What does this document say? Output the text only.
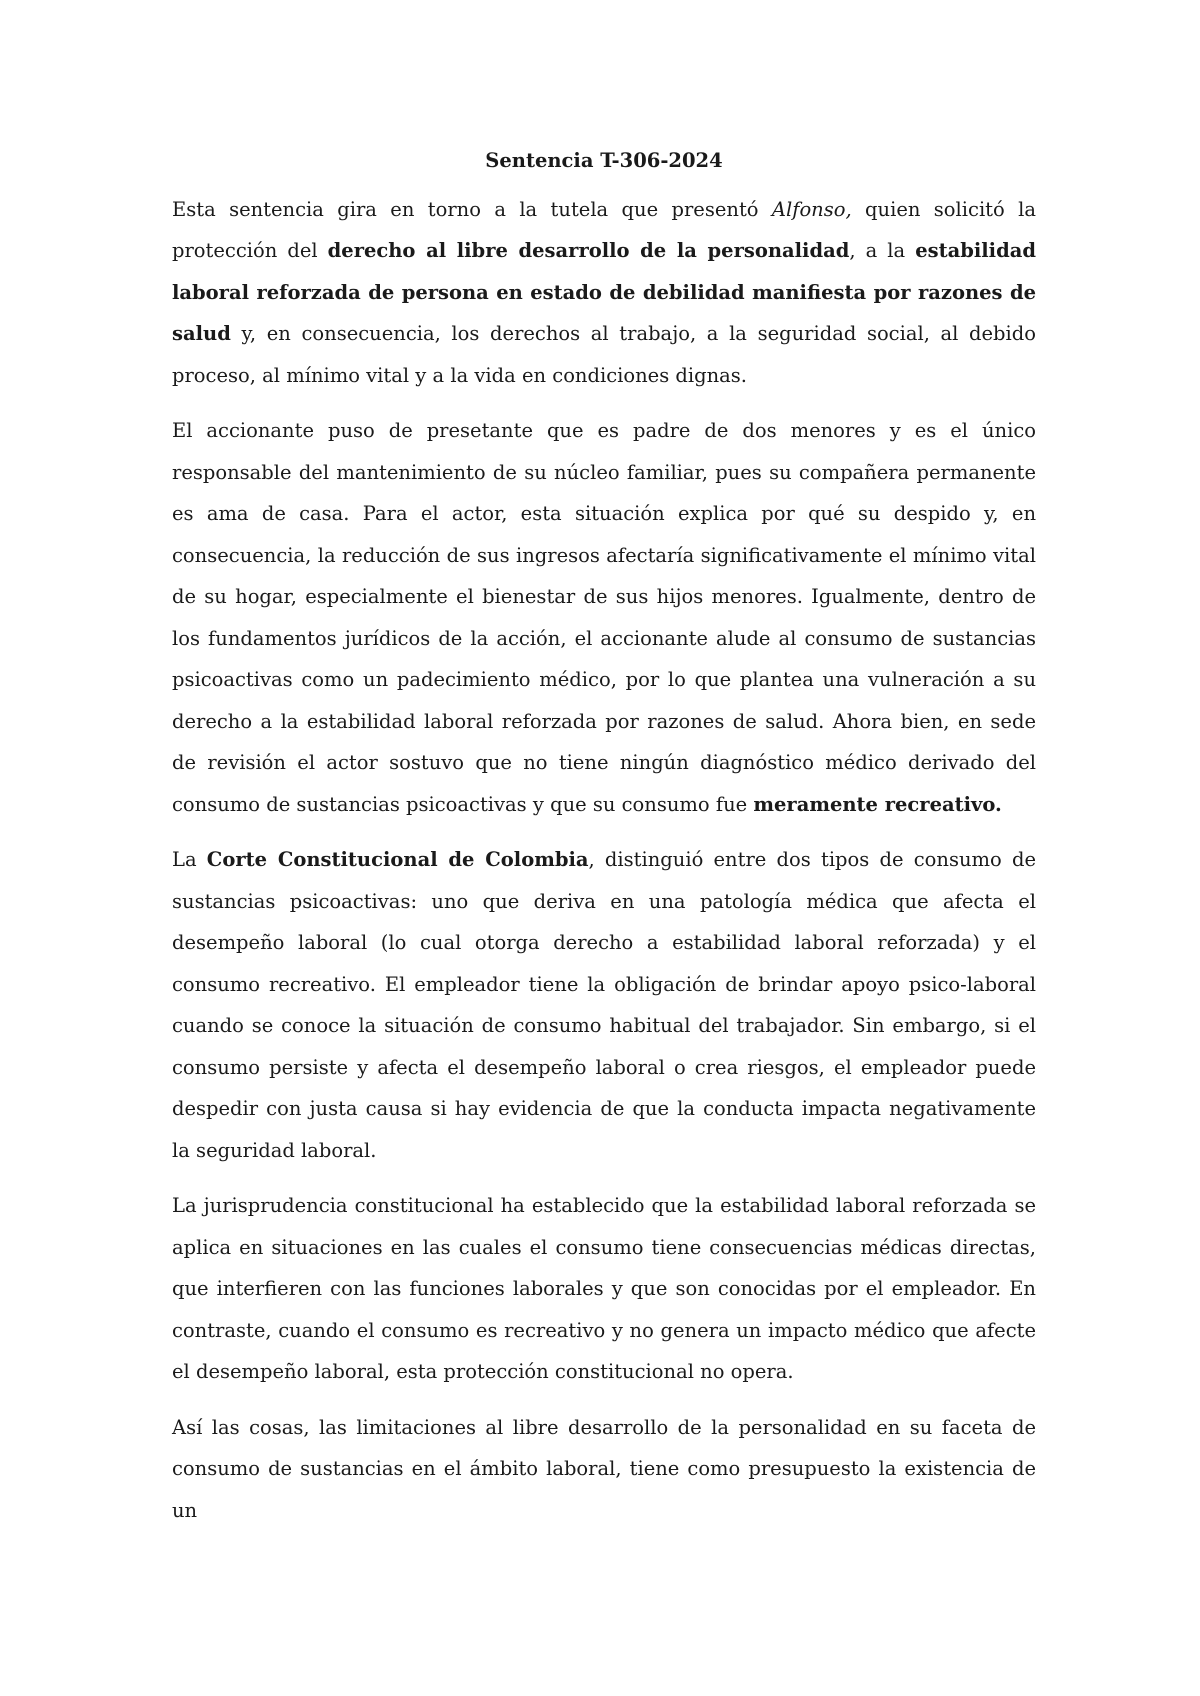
Sentencia T-306-2024

Esta sentencia gira en torno a la tutela que presentó Alfonso, quien solicitó la protección del derecho al libre desarrollo de la personalidad, a la estabilidad laboral reforzada de persona en estado de debilidad manifiesta por razones de salud y, en consecuencia, los derechos al trabajo, a la seguridad social, al debido proceso, al mínimo vital y a la vida en condiciones dignas.

El accionante puso de presetante que es padre de dos menores y es el único responsable del mantenimiento de su núcleo familiar, pues su compañera permanente es ama de casa. Para el actor, esta situación explica por qué su despido y, en consecuencia, la reducción de sus ingresos afectaría significativamente el mínimo vital de su hogar, especialmente el bienestar de sus hijos menores. Igualmente, dentro de los fundamentos jurídicos de la acción, el accionante alude al consumo de sustancias psicoactivas como un padecimiento médico, por lo que plantea una vulneración a su derecho a la estabilidad laboral reforzada por razones de salud. Ahora bien, en sede de revisión el actor sostuvo que no tiene ningún diagnóstico médico derivado del consumo de sustancias psicoactivas y que su consumo fue meramente recreativo.

La Corte Constitucional de Colombia, distinguió entre dos tipos de consumo de sustancias psicoactivas: uno que deriva en una patología médica que afecta el desempeño laboral (lo cual otorga derecho a estabilidad laboral reforzada) y el consumo recreativo. El empleador tiene la obligación de brindar apoyo psico-laboral cuando se conoce la situación de consumo habitual del trabajador. Sin embargo, si el consumo persiste y afecta el desempeño laboral o crea riesgos, el empleador puede despedir con justa causa si hay evidencia de que la conducta impacta negativamente la seguridad laboral.

La jurisprudencia constitucional ha establecido que la estabilidad laboral reforzada se aplica en situaciones en las cuales el consumo tiene consecuencias médicas directas, que interfieren con las funciones laborales y que son conocidas por el empleador. En contraste, cuando el consumo es recreativo y no genera un impacto médico que afecte el desempeño laboral, esta protección constitucional no opera.

Así las cosas, las limitaciones al libre desarrollo de la personalidad en su faceta de consumo de sustancias en el ámbito laboral, tiene como presupuesto la existencia de un
